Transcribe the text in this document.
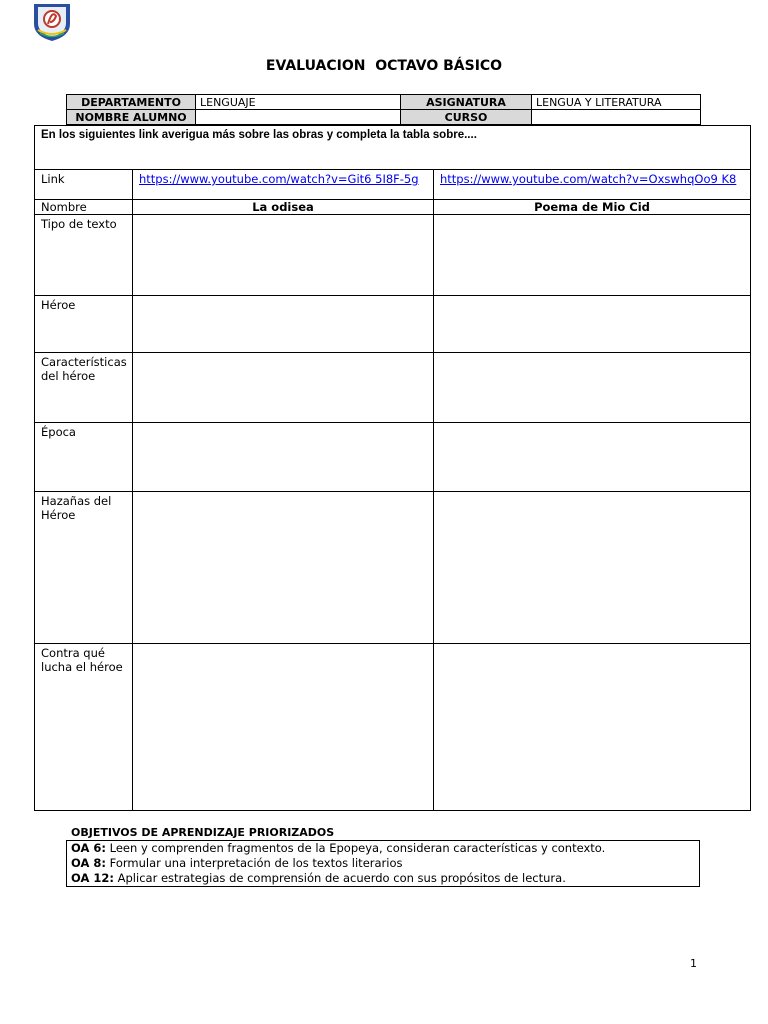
EVALUACION  OCTAVO BÁSICO
DEPARTAMENTO	LENGUAJE	ASIGNATURA	LENGUA Y LITERATURA
NOMBRE ALUMNO		CURSO	
En los siguientes link averigua más sobre las obras y completa la tabla sobre....		
Link	https://www.youtube.com/watch?v=Git6 5I8F-5g	https://www.youtube.com/watch?v=OxswhqOo9 K8
Nombre	La odisea	Poema de Mio Cid
Tipo de texto		
Héroe		
Características del héroe		
Época		
Hazañas del Héroe		
Contra qué lucha el héroe		
OBJETIVOS DE APRENDIZAJE PRIORIZADOS
OA 6: Leen y comprenden fragmentos de la Epopeya, consideran características y contexto.
OA 8: Formular una interpretación de los textos literarios
OA 12: Aplicar estrategias de comprensión de acuerdo con sus propósitos de lectura.
1
